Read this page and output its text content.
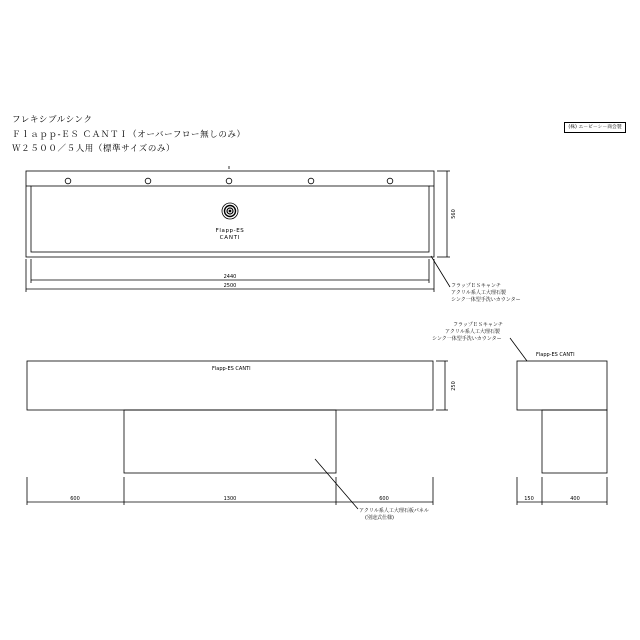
フレキシブルシンク
Ｆｌａｐｐ-ＥＳ ＣＡＮＴＩ（オーバーフロー無しのみ）
Ｗ２５００／５人用（標準サイズのみ）
(株) エ－ビ－シ－商会製
Flapp-ES
CANTI
560
2440
2500	フラップＥＳキャンチ
アクリル系人工大理石製
シンク一体型手洗いカウンター
フラップＥＳキャンチ
アクリル系人工大理石製
シンク一体型手洗いカウンター
Flapp-ES CANTI
250
600	1300	600
アクリル系人工大理石板パネル
(別途式仕様)
Flapp-ES CANTI
150	400
